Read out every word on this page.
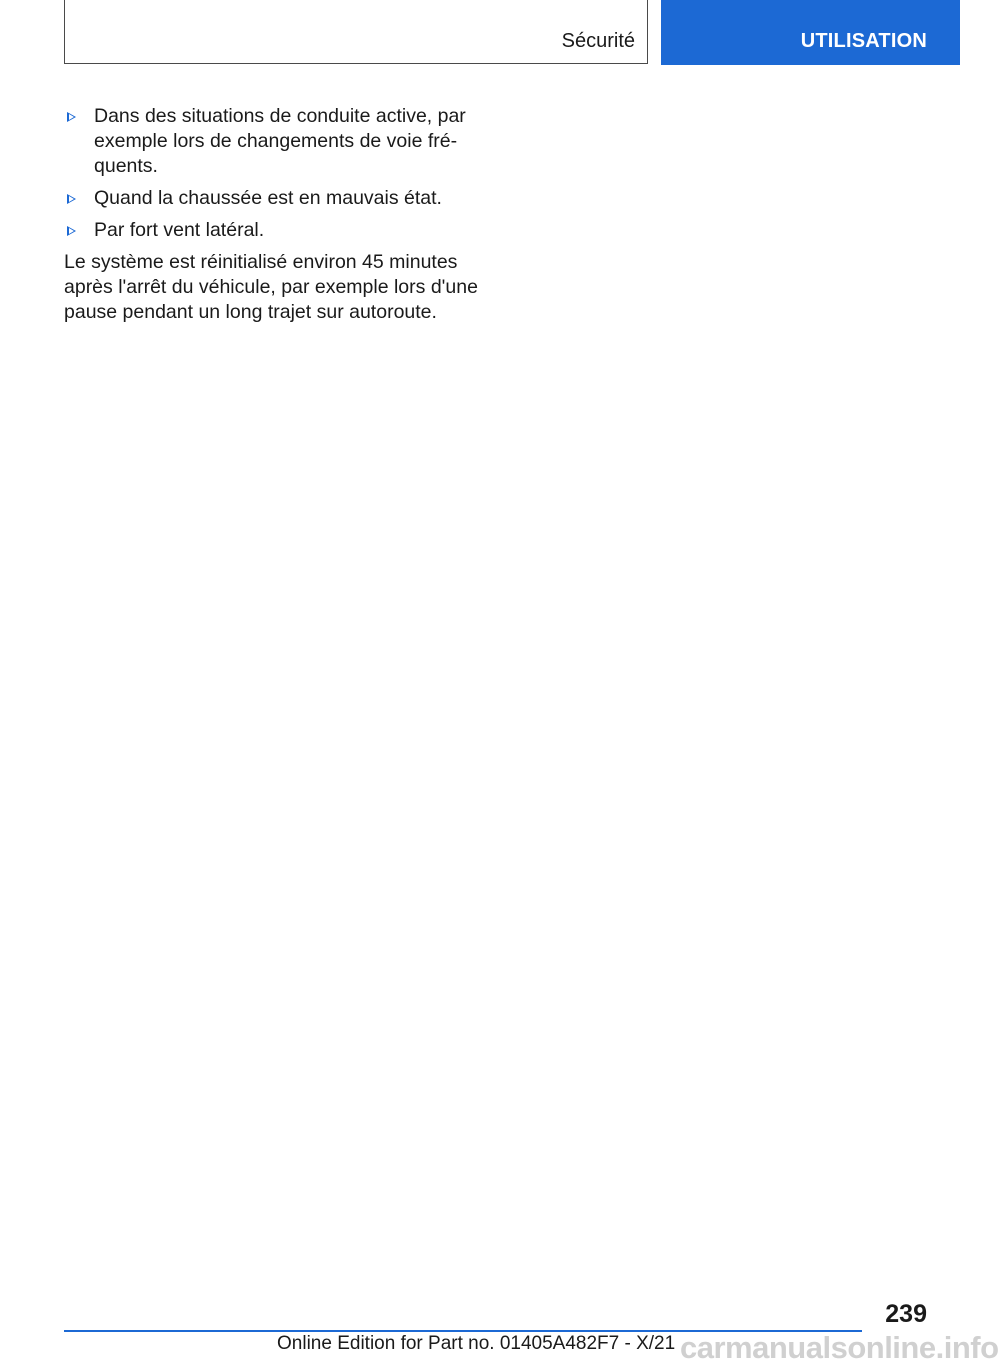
Sécurité	UTILISATION
Dans des situations de conduite active, par exemple lors de changements de voie fréquents.
Quand la chaussée est en mauvais état.
Par fort vent latéral.

Le système est réinitialisé environ 45 minutes après l'arrêt du véhicule, par exemple lors d'une pause pendant un long trajet sur autoroute.

239
Online Edition for Part no. 01405A482F7 - X/21 carmanualsonline.info
